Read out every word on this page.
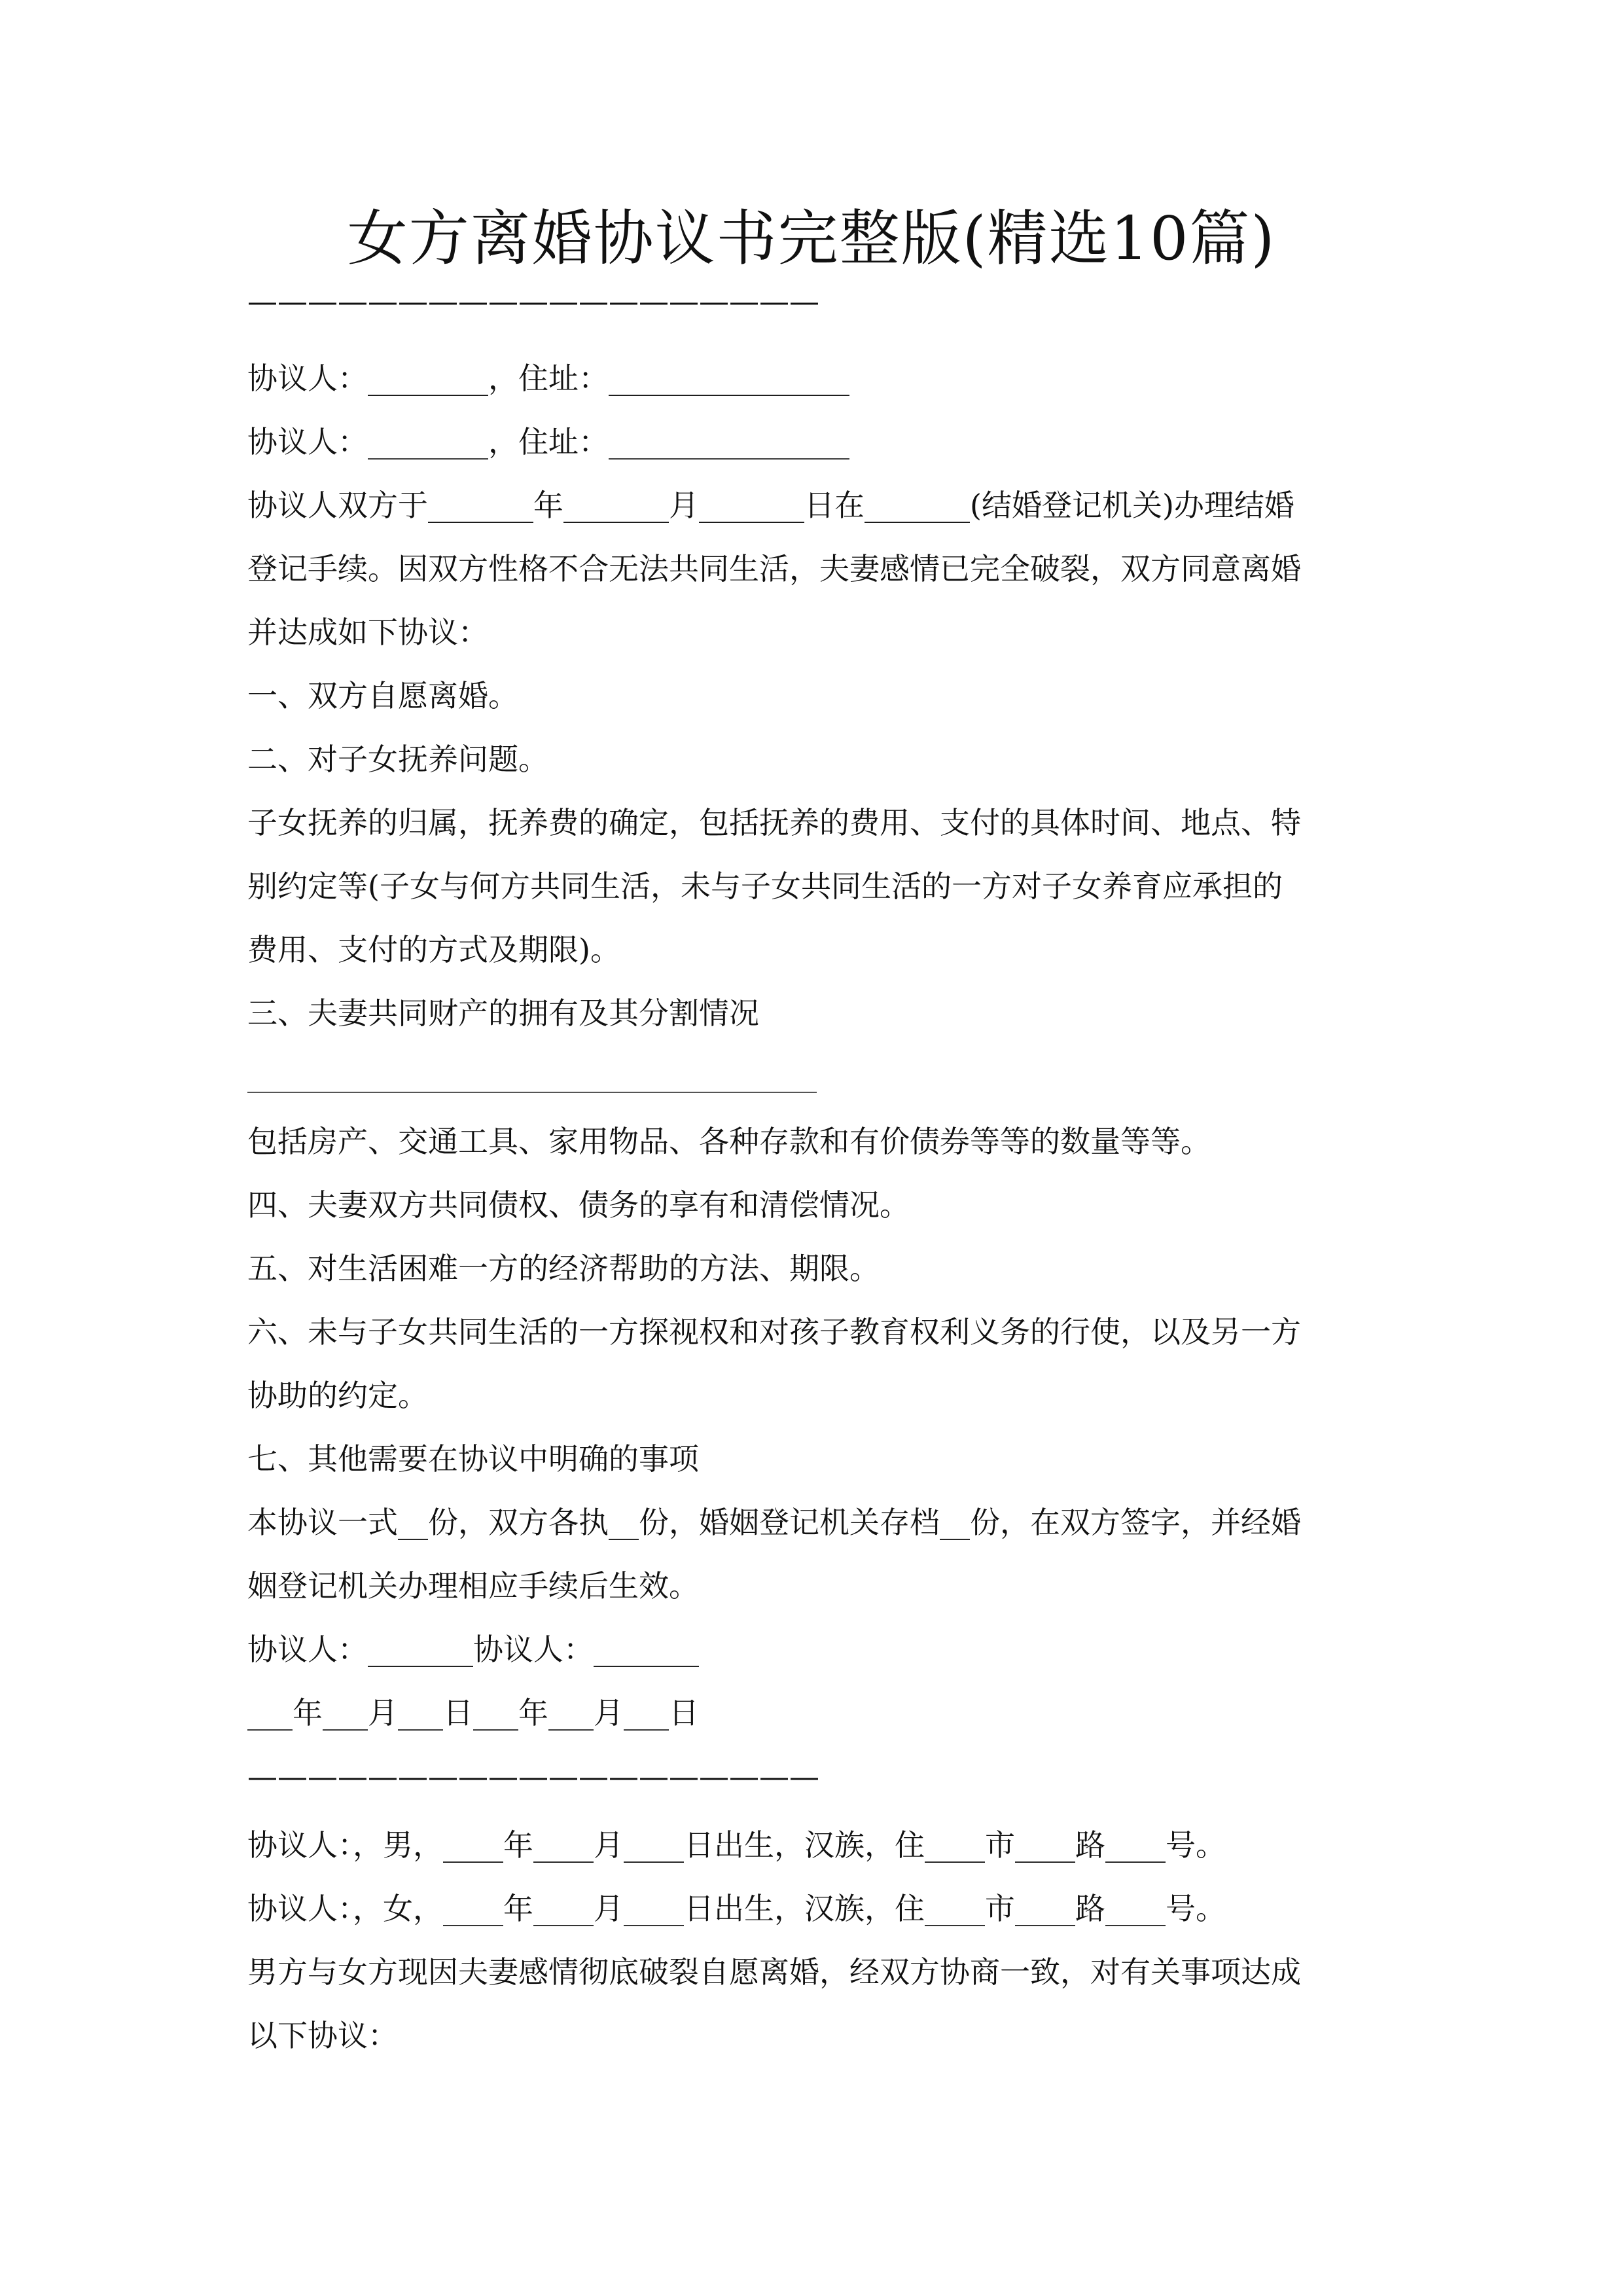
女方离婚协议书完整版(精选10篇)
———————————————————
协议人：________，住址：________________
协议人：________，住址：________________
协议人双方于_______年_______月_______日在_______(结婚登记机关)办理结婚
登记手续。因双方性格不合无法共同生活，夫妻感情已完全破裂，双方同意离婚
并达成如下协议：
一、双方自愿离婚。
二、对子女抚养问题。
子女抚养的归属，抚养费的确定，包括抚养的费用、支付的具体时间、地点、特
别约定等(子女与何方共同生活，未与子女共同生活的一方对子女养育应承担的
费用、支付的方式及期限)。
三、夫妻共同财产的拥有及其分割情况
包括房产、交通工具、家用物品、各种存款和有价债券等等的数量等等。
四、夫妻双方共同债权、债务的享有和清偿情况。
五、对生活困难一方的经济帮助的方法、期限。
六、未与子女共同生活的一方探视权和对孩子教育权利义务的行使，以及另一方
协助的约定。
七、其他需要在协议中明确的事项
本协议一式__份，双方各执__份，婚姻登记机关存档__份，在双方签字，并经婚
姻登记机关办理相应手续后生效。
协议人：_______协议人：_______
___年___月___日___年___月___日
———————————————————
协议人：，男，____年____月____日出生，汉族，住____市____路____号。
协议人：，女，____年____月____日出生，汉族，住____市____路____号。
男方与女方现因夫妻感情彻底破裂自愿离婚，经双方协商一致，对有关事项达成
以下协议：
